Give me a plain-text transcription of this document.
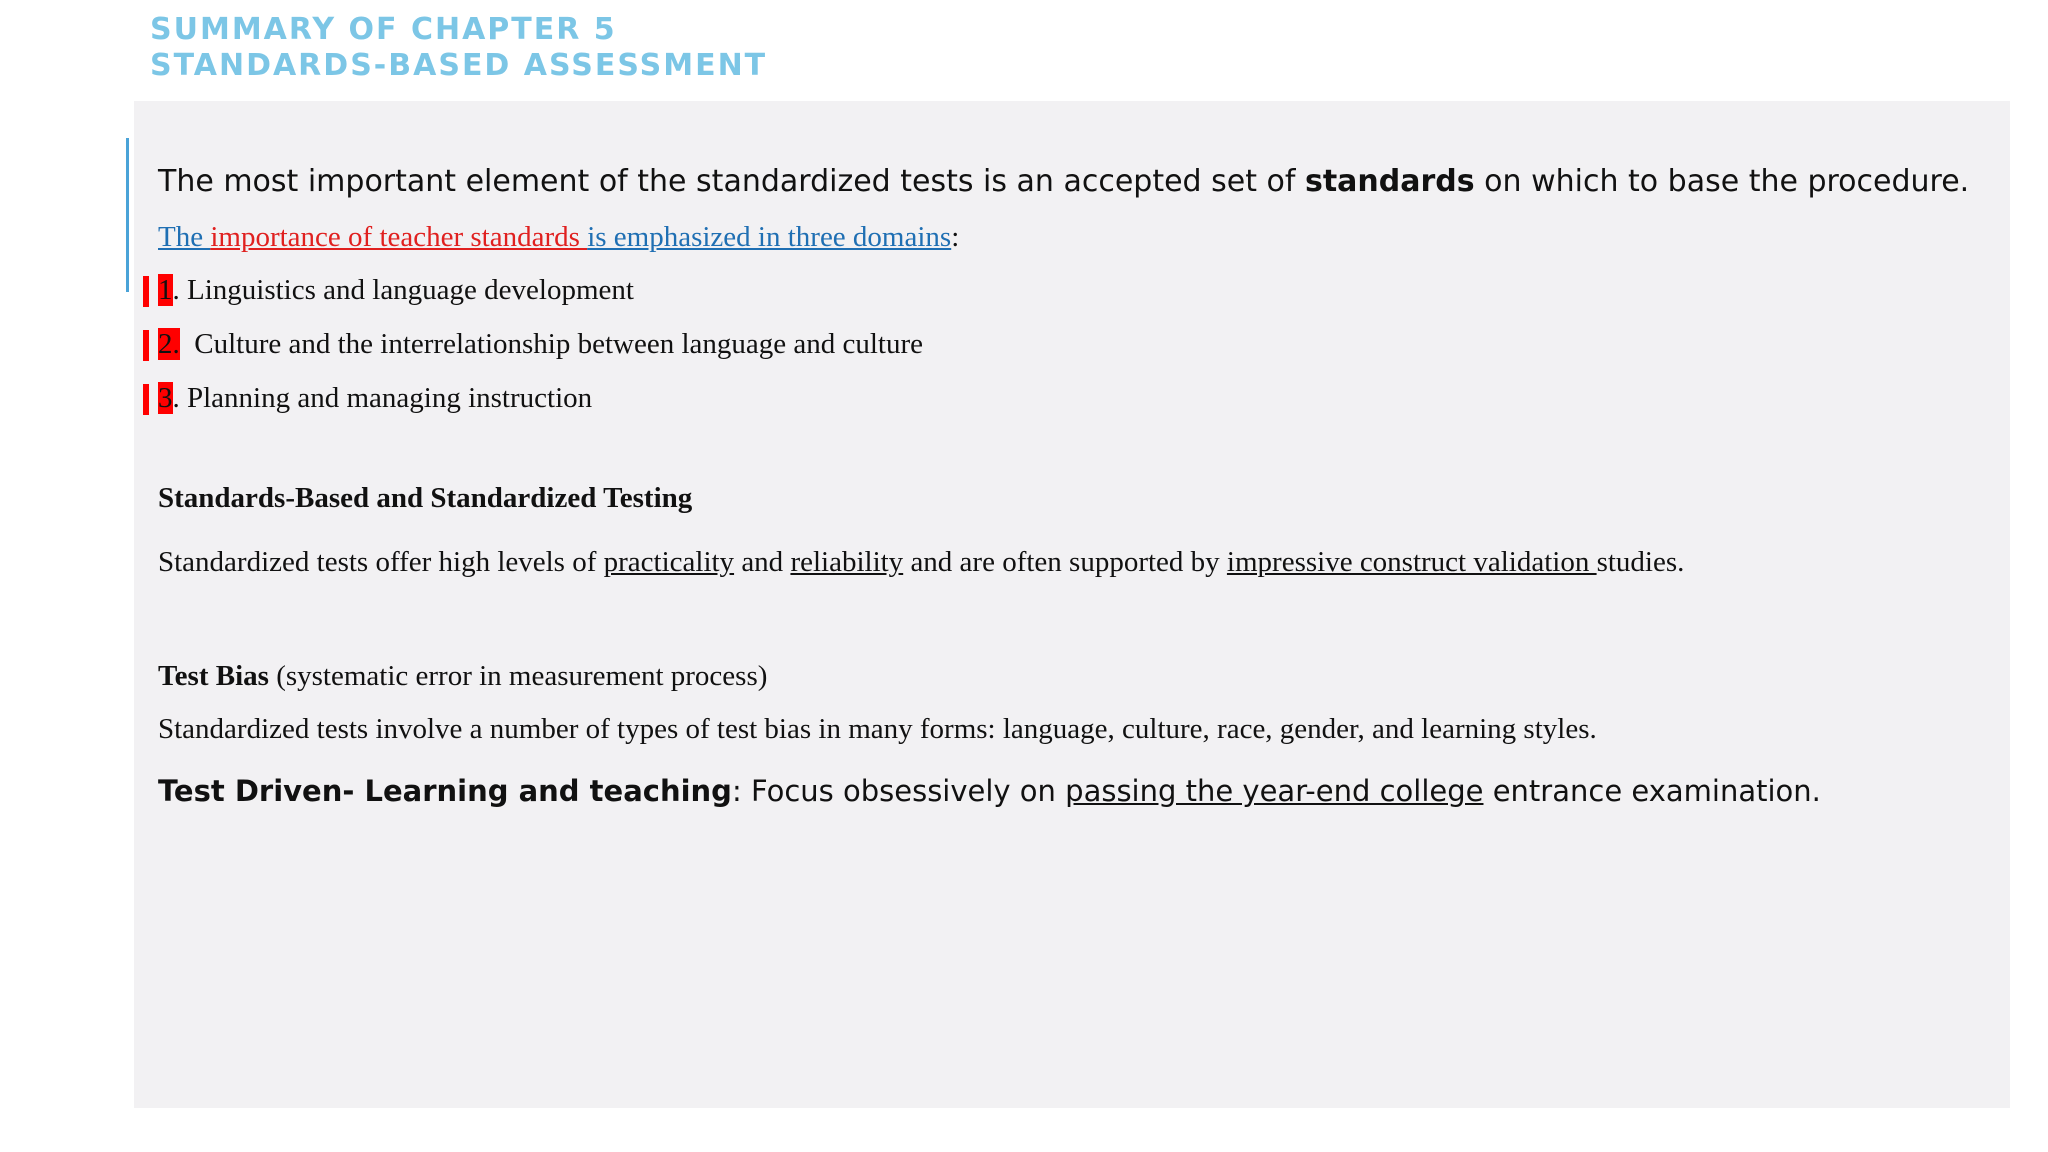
SUMMARY OF CHAPTER 5
STANDARDS-BASED ASSESSMENT
The most important element of the standardized tests is an accepted set of standards on which to base the procedure.
The importance of teacher standards is emphasized in three domains:
1. Linguistics and language development
2.  Culture and the interrelationship between language and culture
3. Planning and managing instruction
Standards-Based and Standardized Testing
Standardized tests offer high levels of practicality and reliability and are often supported by impressive construct validation studies.
Test Bias (systematic error in measurement process)
Standardized tests involve a number of types of test bias in many forms: language, culture, race, gender, and learning styles.
Test Driven- Learning and teaching: Focus obsessively on passing the year-end college entrance examination.
